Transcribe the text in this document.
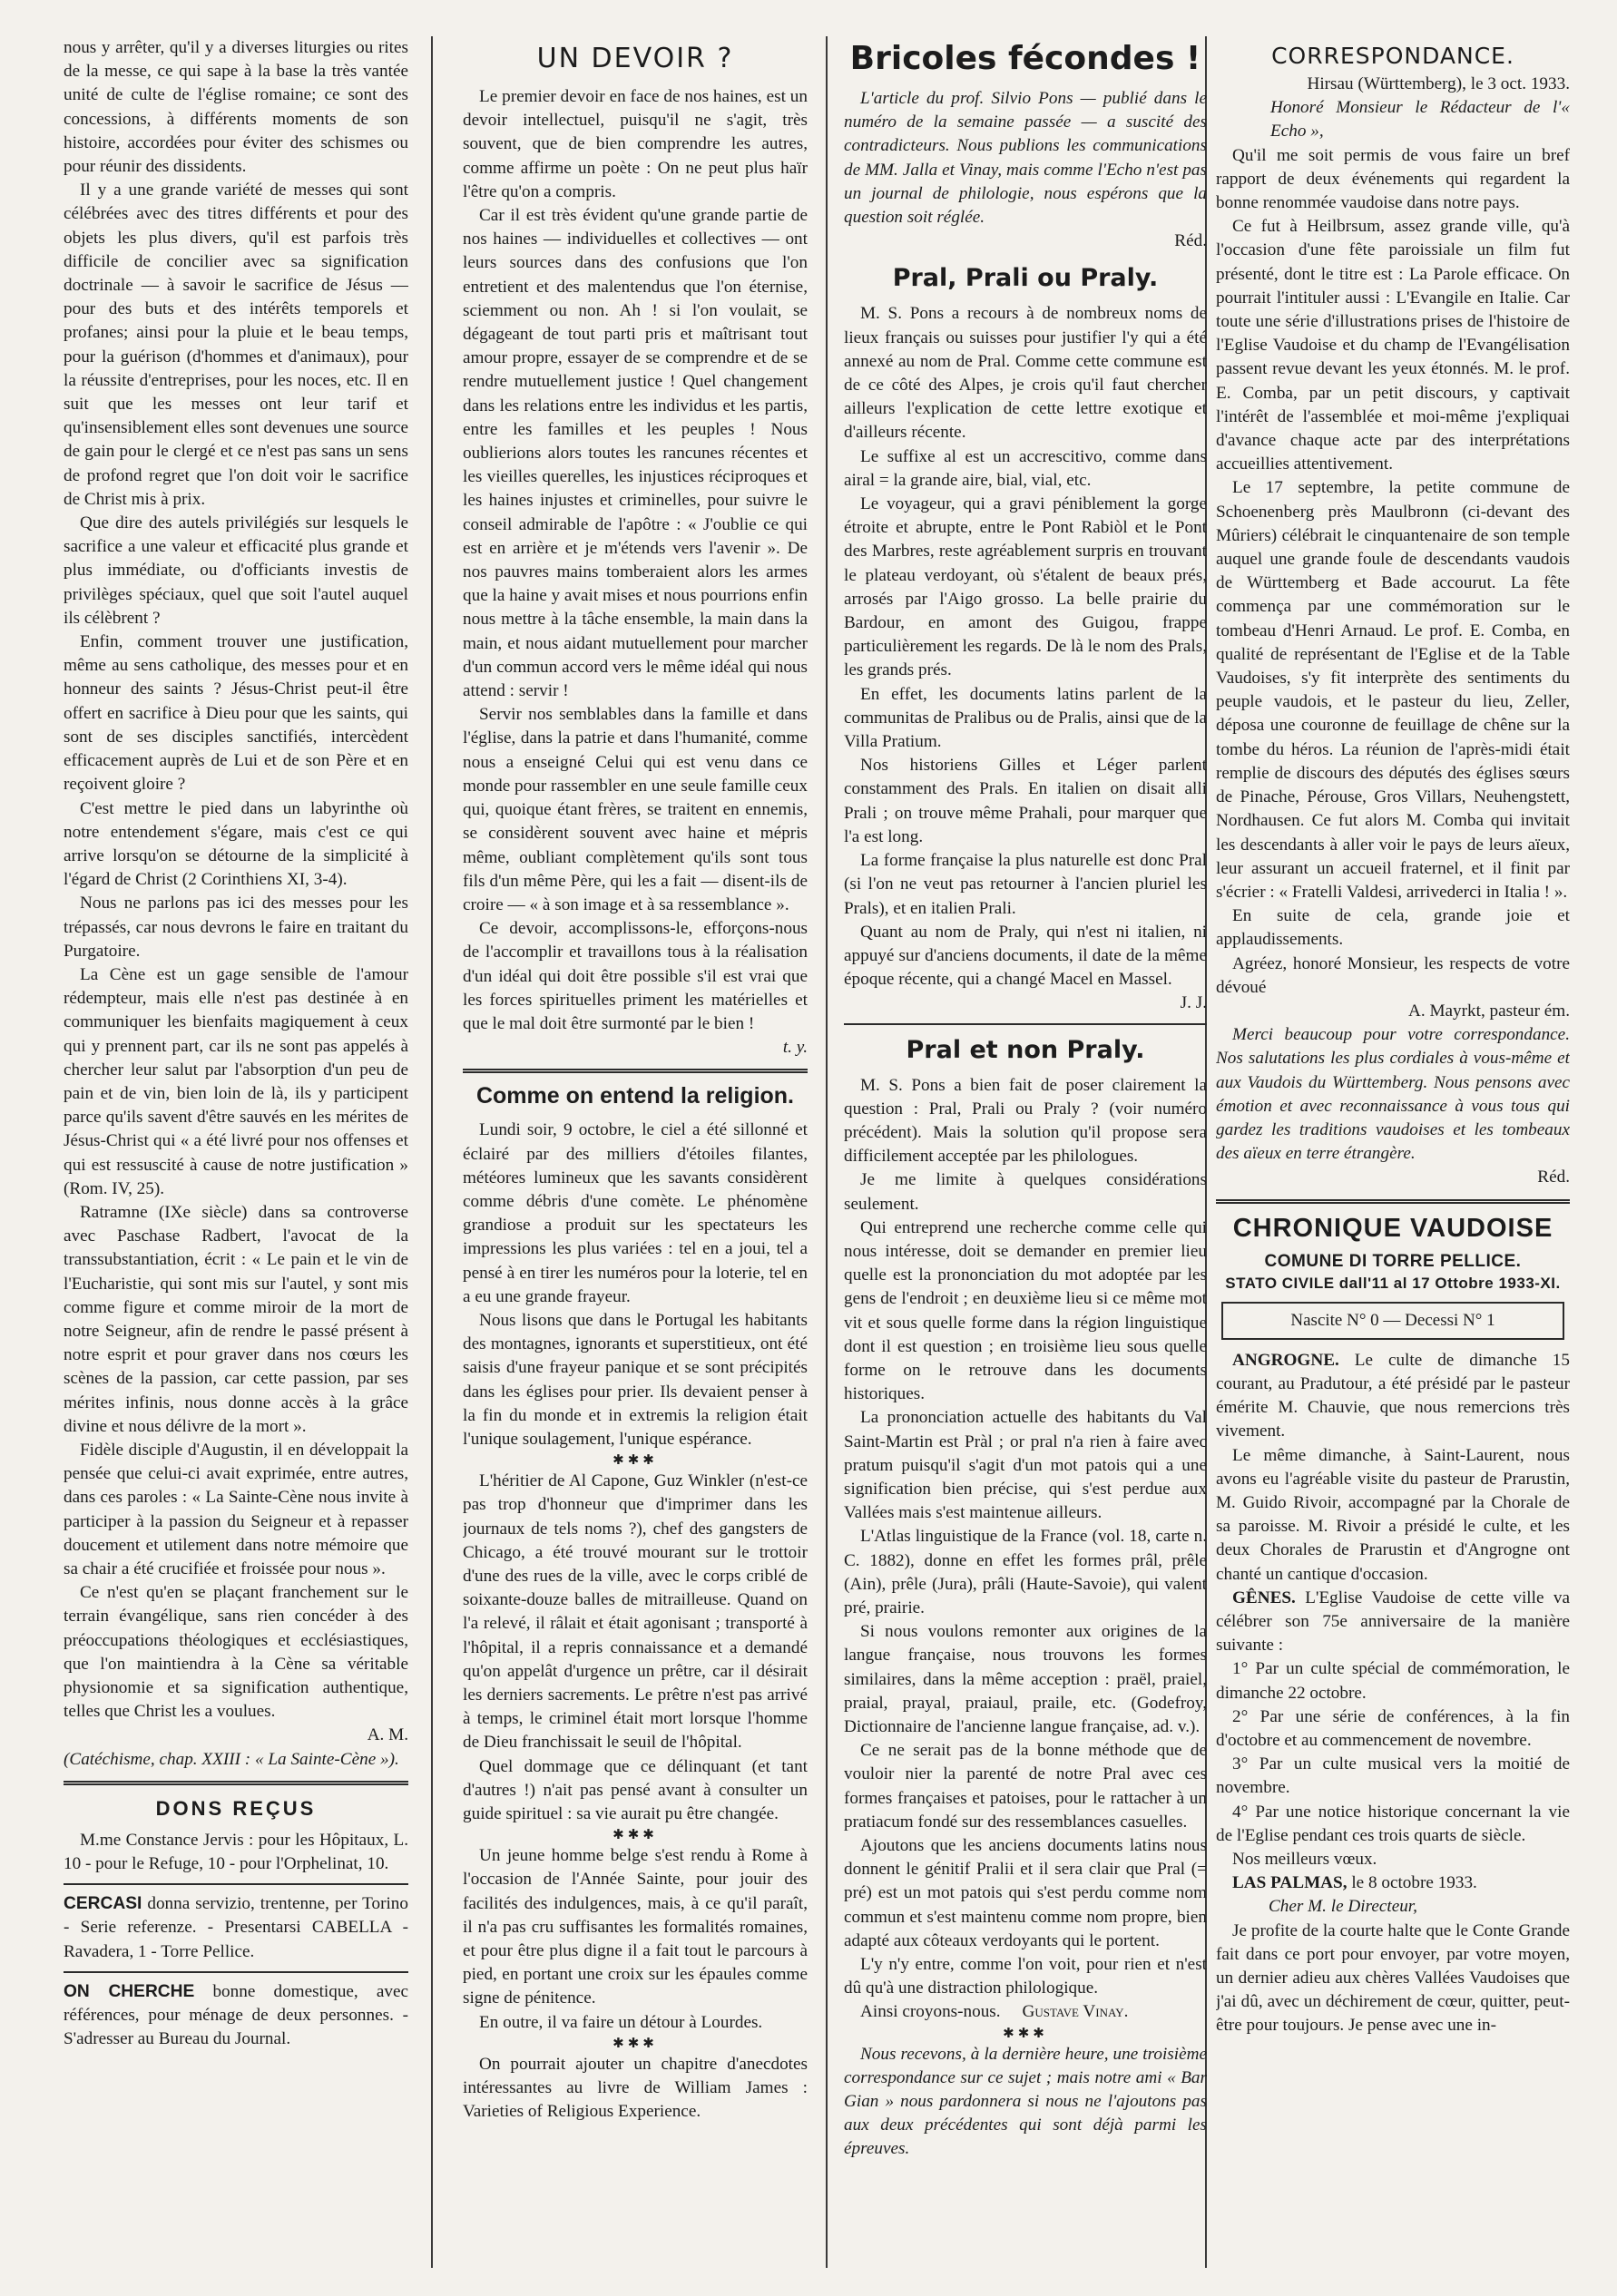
nous y arrêter, qu'il y a diverses liturgies ou rites de la messe, ce qui sape à la base la très vantée unité de culte de l'église romaine; ce sont des concessions, à différents moments de son histoire, accordées pour éviter des schismes ou pour réunir des dissidents.

Il y a une grande variété de messes qui sont célébrées avec des titres différents et pour des objets les plus divers, qu'il est parfois très difficile de concilier avec sa signification doctrinale — à savoir le sacrifice de Jésus — pour des buts et des intérêts temporels et profanes; ainsi pour la pluie et le beau temps, pour la guérison (d'hommes et d'animaux), pour la réussite d'entreprises, pour les noces, etc. Il en suit que les messes ont leur tarif et qu'insensiblement elles sont devenues une source de gain pour le clergé et ce n'est pas sans un sens de profond regret que l'on doit voir le sacrifice de Christ mis à prix.

Que dire des autels privilégiés sur lesquels le sacrifice a une valeur et efficacité plus grande et plus immédiate, ou d'officiants investis de privilèges spéciaux, quel que soit l'autel auquel ils célèbrent ?

Enfin, comment trouver une justification, même au sens catholique, des messes pour et en honneur des saints ? Jésus-Christ peut-il être offert en sacrifice à Dieu pour que les saints, qui sont de ses disciples sanctifiés, intercèdent efficacement auprès de Lui et de son Père et en reçoivent gloire ?

C'est mettre le pied dans un labyrinthe où notre entendement s'égare, mais c'est ce qui arrive lorsqu'on se détourne de la simplicité à l'égard de Christ (2 Corinthiens XI, 3-4).

Nous ne parlons pas ici des messes pour les trépassés, car nous devrons le faire en traitant du Purgatoire.

La Cène est un gage sensible de l'amour rédempteur, mais elle n'est pas destinée à en communiquer les bienfaits magiquement à ceux qui y prennent part, car ils ne sont pas appelés à chercher leur salut par l'absorption d'un peu de pain et de vin, bien loin de là, ils y participent parce qu'ils savent d'être sauvés en les mérites de Jésus-Christ qui « a été livré pour nos offenses et qui est ressuscité à cause de notre justification » (Rom. IV, 25).

Ratramne (IXe siècle) dans sa controverse avec Paschase Radbert, l'avocat de la transsubstantiation, écrit : « Le pain et le vin de l'Eucharistie, qui sont mis sur l'autel, y sont mis comme figure et comme miroir de la mort de notre Seigneur, afin de rendre le passé présent à notre esprit et pour graver dans nos cœurs les scènes de la passion, car cette passion, par ses mérites infinis, nous donne accès à la grâce divine et nous délivre de la mort ».

Fidèle disciple d'Augustin, il en développait la pensée que celui-ci avait exprimée, entre autres, dans ces paroles : « La Sainte-Cène nous invite à participer à la passion du Seigneur et à repasser doucement et utilement dans notre mémoire que sa chair a été crucifiée et froissée pour nous ».

Ce n'est qu'en se plaçant franchement sur le terrain évangélique, sans rien concéder à des préoccupations théologiques et ecclésiastiques, que l'on maintiendra à la Cène sa véritable physionomie et sa signification authentique, telles que Christ les a voulues.

A. M.

(Catéchisme, chap. XXIII : « La Sainte-Cène »).

DONS REÇUS

M.me Constance Jervis : pour les Hôpitaux, L. 10 - pour le Refuge, 10 - pour l'Orphelinat, 10.

CERCASI donna servizio, trentenne, per Torino - Serie referenze. - Presentarsi CABELLA - Ravadera, 1 - Torre Pellice.

ON CHERCHE bonne domestique, avec références, pour ménage de deux personnes. - S'adresser au Bureau du Journal.

UN DEVOIR ?

Le premier devoir en face de nos haines, est un devoir intellectuel, puisqu'il ne s'agit, très souvent, que de bien comprendre les autres, comme affirme un poète : On ne peut plus haïr l'être qu'on a compris.

Car il est très évident qu'une grande partie de nos haines — individuelles et collectives — ont leurs sources dans des confusions que l'on entretient et des malentendus que l'on éternise, sciemment ou non. Ah ! si l'on voulait, se dégageant de tout parti pris et maîtrisant tout amour propre, essayer de se comprendre et de se rendre mutuellement justice ! Quel changement dans les relations entre les individus et les partis, entre les familles et les peuples ! Nous oublierions alors toutes les rancunes récentes et les vieilles querelles, les injustices réciproques et les haines injustes et criminelles, pour suivre le conseil admirable de l'apôtre : « J'oublie ce qui est en arrière et je m'étends vers l'avenir ». De nos pauvres mains tomberaient alors les armes que la haine y avait mises et nous pourrions enfin nous mettre à la tâche ensemble, la main dans la main, et nous aidant mutuellement pour marcher d'un commun accord vers le même idéal qui nous attend : servir !

Servir nos semblables dans la famille et dans l'église, dans la patrie et dans l'humanité, comme nous a enseigné Celui qui est venu dans ce monde pour rassembler en une seule famille ceux qui, quoique étant frères, se traitent en ennemis, se considèrent souvent avec haine et mépris même, oubliant complètement qu'ils sont tous fils d'un même Père, qui les a fait — disent-ils de croire — « à son image et à sa ressemblance ».

Ce devoir, accomplissons-le, efforçons-nous de l'accomplir et travaillons tous à la réalisation d'un idéal qui doit être possible s'il est vrai que les forces spirituelles priment les matérielles et que le mal doit être surmonté par le bien !

t. y.

Comme on entend la religion.

Lundi soir, 9 octobre, le ciel a été sillonné et éclairé par des milliers d'étoiles filantes, météores lumineux que les savants considèrent comme débris d'une comète. Le phénomène grandiose a produit sur les spectateurs les impressions les plus variées : tel en a joui, tel a pensé à en tirer les numéros pour la loterie, tel en a eu une grande frayeur.

Nous lisons que dans le Portugal les habitants des montagnes, ignorants et superstitieux, ont été saisis d'une frayeur panique et se sont précipités dans les églises pour prier. Ils devaient penser à la fin du monde et in extremis la religion était l'unique soulagement, l'unique espérance.

✱✱✱

L'héritier de Al Capone, Guz Winkler (n'est-ce pas trop d'honneur que d'imprimer dans les journaux de tels noms ?), chef des gangsters de Chicago, a été trouvé mourant sur le trottoir d'une des rues de la ville, avec le corps criblé de soixante-douze balles de mitrailleuse. Quand on l'a relevé, il râlait et était agonisant ; transporté à l'hôpital, il a repris connaissance et a demandé qu'on appelât d'urgence un prêtre, car il désirait les derniers sacrements. Le prêtre n'est pas arrivé à temps, le criminel était mort lorsque l'homme de Dieu franchissait le seuil de l'hôpital.

Quel dommage que ce délinquant (et tant d'autres !) n'ait pas pensé avant à consulter un guide spirituel : sa vie aurait pu être changée.

✱✱✱

Un jeune homme belge s'est rendu à Rome à l'occasion de l'Année Sainte, pour jouir des facilités des indulgences, mais, à ce qu'il paraît, il n'a pas cru suffisantes les formalités romaines, et pour être plus digne il a fait tout le parcours à pied, en portant une croix sur les épaules comme signe de pénitence.

En outre, il va faire un détour à Lourdes.

✱✱✱

On pourrait ajouter un chapitre d'anecdotes intéressantes au livre de William James : Varieties of Religious Experience.

Bricoles fécondes !

L'article du prof. Silvio Pons — publié dans le numéro de la semaine passée — a suscité des contradicteurs. Nous publions les communications de MM. Jalla et Vinay, mais comme l'Echo n'est pas un journal de philologie, nous espérons que la question soit réglée.

Réd.

Pral, Prali ou Praly.

M. S. Pons a recours à de nombreux noms de lieux français ou suisses pour justifier l'y qui a été annexé au nom de Pral. Comme cette commune est de ce côté des Alpes, je crois qu'il faut chercher ailleurs l'explication de cette lettre exotique et d'ailleurs récente.

Le suffixe al est un accrescitivo, comme dans airal = la grande aire, bial, vial, etc.

Le voyageur, qui a gravi péniblement la gorge étroite et abrupte, entre le Pont Rabiòl et le Pont des Marbres, reste agréablement surpris en trouvant le plateau verdoyant, où s'étalent de beaux prés, arrosés par l'Aigo grosso. La belle prairie du Bardour, en amont des Guigou, frappe particulièrement les regards. De là le nom des Prals, les grands prés.

En effet, les documents latins parlent de la communitas de Pralibus ou de Pralis, ainsi que de la Villa Pratium.

Nos historiens Gilles et Léger parlent constamment des Prals. En italien on disait alli Prali ; on trouve même Prahali, pour marquer que l'a est long.

La forme française la plus naturelle est donc Pral (si l'on ne veut pas retourner à l'ancien pluriel les Prals), et en italien Prali.

Quant au nom de Praly, qui n'est ni italien, ni appuyé sur d'anciens documents, il date de la même époque récente, qui a changé Macel en Massel.

J. J.

Pral et non Praly.

M. S. Pons a bien fait de poser clairement la question : Pral, Prali ou Praly ? (voir numéro précédent). Mais la solution qu'il propose sera difficilement acceptée par les philologues.

Je me limite à quelques considérations seulement.

Qui entreprend une recherche comme celle qui nous intéresse, doit se demander en premier lieu quelle est la prononciation du mot adoptée par les gens de l'endroit ; en deuxième lieu si ce même mot vit et sous quelle forme dans la région linguistique dont il est question ; en troisième lieu sous quelle forme on le retrouve dans les documents historiques.

La prononciation actuelle des habitants du Val Saint-Martin est Pràl ; or pral n'a rien à faire avec pratum puisqu'il s'agit d'un mot patois qui a une signification bien précise, qui s'est perdue aux Vallées mais s'est maintenue ailleurs.

L'Atlas linguistique de la France (vol. 18, carte n. C. 1882), donne en effet les formes prâl, prêle (Ain), prêle (Jura), prâli (Haute-Savoie), qui valent pré, prairie.

Si nous voulons remonter aux origines de la langue française, nous trouvons les formes similaires, dans la même acception : praël, praiel, praial, prayal, praiaul, praile, etc. (Godefroy, Dictionnaire de l'ancienne langue française, ad. v.).

Ce ne serait pas de la bonne méthode que de vouloir nier la parenté de notre Pral avec ces formes françaises et patoises, pour le rattacher à un pratiacum fondé sur des ressemblances casuelles.

Ajoutons que les anciens documents latins nous donnent le génitif Pralii et il sera clair que Pral (= pré) est un mot patois qui s'est perdu comme nom commun et s'est maintenu comme nom propre, bien adapté aux côteaux verdoyants qui le portent.

L'y n'y entre, comme l'on voit, pour rien et n'est dû qu'à une distraction philologique.

Ainsi croyons-nous. Gustave Vinay.

✱✱✱

Nous recevons, à la dernière heure, une troisième correspondance sur ce sujet ; mais notre ami « Bar Gian » nous pardonnera si nous ne l'ajoutons pas aux deux précédentes qui sont déjà parmi les épreuves.

CORRESPONDANCE.

Hirsau (Württemberg), le 3 oct. 1933.

Honoré Monsieur le Rédacteur de l'« Echo »,

Qu'il me soit permis de vous faire un bref rapport de deux événements qui regardent la bonne renommée vaudoise dans notre pays.

Ce fut à Heilbrsum, assez grande ville, qu'à l'occasion d'une fête paroissiale un film fut présenté, dont le titre est : La Parole efficace. On pourrait l'intituler aussi : L'Evangile en Italie. Car toute une série d'illustrations prises de l'histoire de l'Eglise Vaudoise et du champ de l'Evangélisation passent revue devant les yeux étonnés. M. le prof. E. Comba, par un petit discours, y captivait l'intérêt de l'assemblée et moi-même j'expliquai d'avance chaque acte par des interprétations accueillies attentivement.

Le 17 septembre, la petite commune de Schoenenberg près Maulbronn (ci-devant des Mûriers) célébrait le cinquantenaire de son temple auquel une grande foule de descendants vaudois de Württemberg et Bade accourut. La fête commença par une commémoration sur le tombeau d'Henri Arnaud. Le prof. E. Comba, en qualité de représentant de l'Eglise et de la Table Vaudoises, s'y fit interprète des sentiments du peuple vaudois, et le pasteur du lieu, Zeller, déposa une couronne de feuillage de chêne sur la tombe du héros. La réunion de l'après-midi était remplie de discours des députés des églises sœurs de Pinache, Pérouse, Gros Villars, Neuhengstett, Nordhausen. Ce fut alors M. Comba qui invitait les descendants à aller voir le pays de leurs aïeux, leur assurant un accueil fraternel, et il finit par s'écrier : « Fratelli Valdesi, arrivederci in Italia ! ».

En suite de cela, grande joie et applaudissements.

Agréez, honoré Monsieur, les respects de votre dévoué

A. Mayrkt, pasteur ém.

Merci beaucoup pour votre correspondance. Nos salutations les plus cordiales à vous-même et aux Vaudois du Württemberg. Nous pensons avec émotion et avec reconnaissance à vous tous qui gardez les traditions vaudoises et les tombeaux des aïeux en terre étrangère.

Réd.

CHRONIQUE VAUDOISE
COMUNE DI TORRE PELLICE.
STATO CIVILE dall'11 al 17 Ottobre 1933-XI.
Nascite N° 0 — Decessi N° 1

ANGROGNE. Le culte de dimanche 15 courant, au Pradutour, a été présidé par le pasteur émérite M. Chauvie, que nous remercions très vivement.

Le même dimanche, à Saint-Laurent, nous avons eu l'agréable visite du pasteur de Prarustin, M. Guido Rivoir, accompagné par la Chorale de sa paroisse. M. Rivoir a présidé le culte, et les deux Chorales de Prarustin et d'Angrogne ont chanté un cantique d'occasion.

GÊNES. L'Eglise Vaudoise de cette ville va célébrer son 75e anniversaire de la manière suivante :

1° Par un culte spécial de commémoration, le dimanche 22 octobre.

2° Par une série de conférences, à la fin d'octobre et au commencement de novembre.

3° Par un culte musical vers la moitié de novembre.

4° Par une notice historique concernant la vie de l'Eglise pendant ces trois quarts de siècle.

Nos meilleurs vœux.

LAS PALMAS, le 8 octobre 1933.

Cher M. le Directeur,

Je profite de la courte halte que le Conte Grande fait dans ce port pour envoyer, par votre moyen, un dernier adieu aux chères Vallées Vaudoises que j'ai dû, avec un déchirement de cœur, quitter, peut-être pour toujours. Je pense avec une in-
